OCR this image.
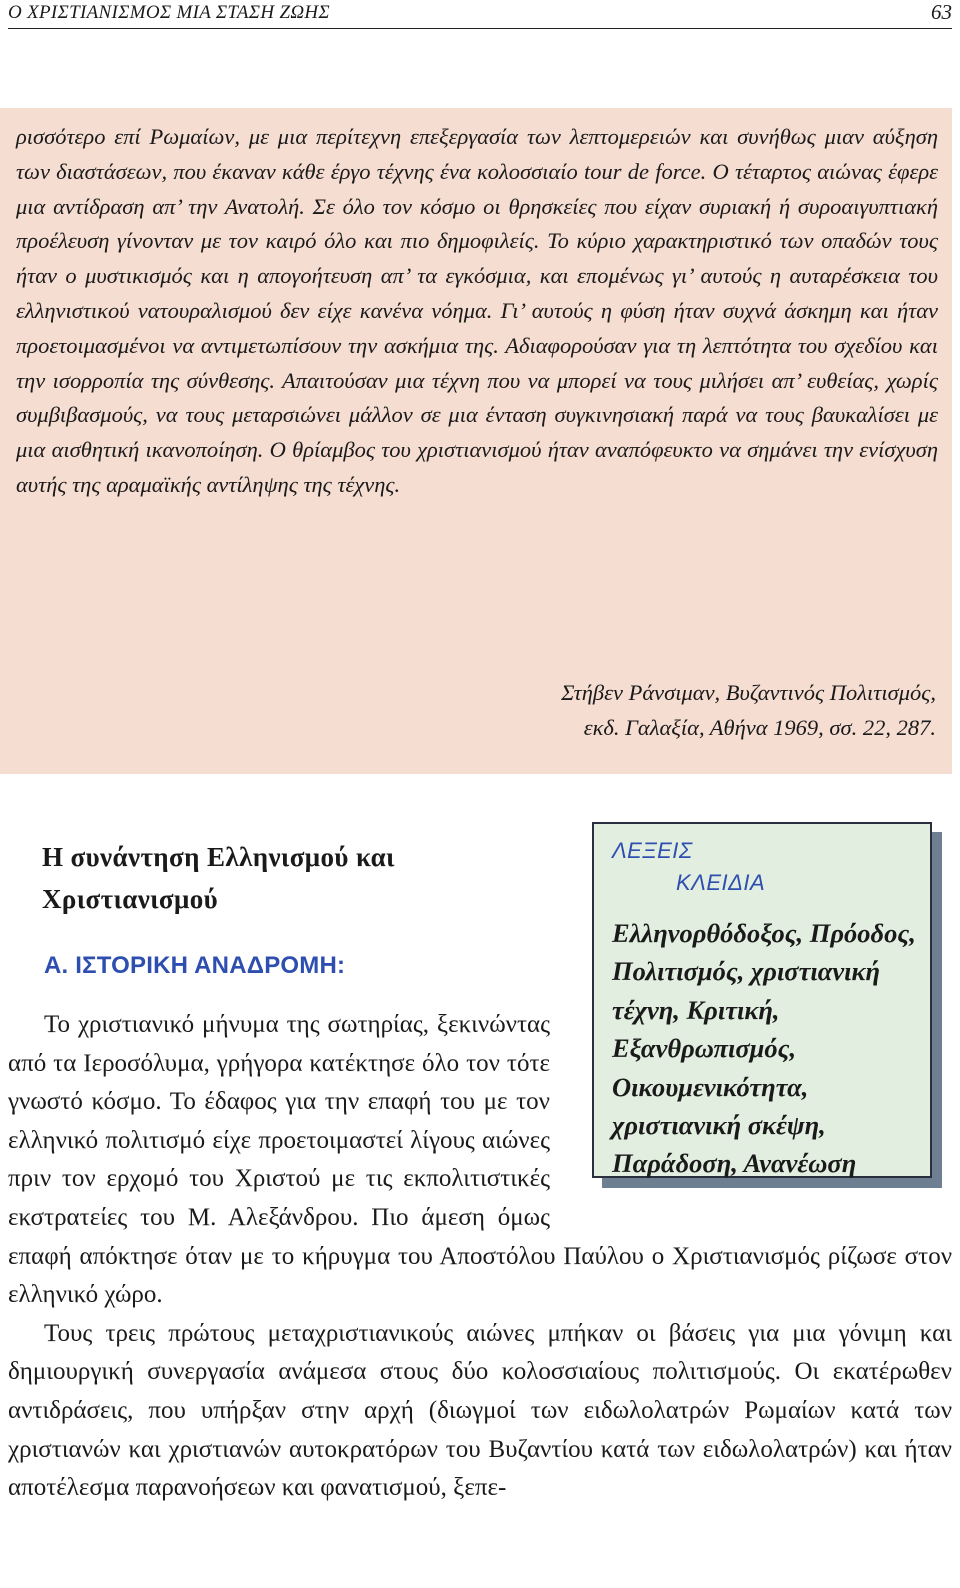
Ο ΧΡΙΣΤΙΑΝΙΣΜΟΣ ΜΙΑ ΣΤΑΣΗ ΖΩΗΣ	63

ρισσότερο επί Ρωμαίων, με μια περίτεχνη επεξεργασία των λεπτομερειών και συνήθως μιαν αύξηση των διαστάσεων, που έκαναν κάθε έργο τέχνης ένα κολοσσιαίο tour de force. Ο τέταρτος αιώνας έφερε μια αντίδραση απ’ την Ανατολή. Σε όλο τον κόσμο οι θρησκείες που είχαν συριακή ή συροαιγυπτιακή προέλευση γίνονταν με τον καιρό όλο και πιο δημοφιλείς. Το κύριο χαρακτηριστικό των οπαδών τους ήταν ο μυστικισμός και η απογοήτευση απ’ τα εγκόσμια, και επομένως γι’ αυτούς η αυταρέσκεια του ελληνιστικού νατουραλισμού δεν είχε κανένα νόημα. Γι’ αυτούς η φύση ήταν συχνά άσκημη και ήταν προετοιμασμένοι να αντιμετωπίσουν την ασκήμια της. Αδιαφορούσαν για τη λεπτότητα του σχεδίου και την ισορροπία της σύνθεσης. Απαιτούσαν μια τέχνη που να μπορεί να τους μιλήσει απ’ ευθείας, χωρίς συμβιβασμούς, να τους μεταρσιώνει μάλλον σε μια ένταση συγκινησιακή παρά να τους βαυκαλίσει με μια αισθητική ικανοποίηση. Ο θρίαμβος του χριστιανισμού ήταν αναπόφευκτο να σημάνει την ενίσχυση αυτής της αραμαϊκής αντίληψης της τέχνης.

Στήβεν Ράνσιμαν, Βυζαντινός Πολιτισμός,
εκδ. Γαλαξία, Αθήνα 1969, σσ. 22, 287.

Η συνάντηση Ελληνισμού και Χριστιανισμού
Α. ΙΣΤΟΡΙΚΗ ΑΝΑΔΡΟΜΗ:

Το χριστιανικό μήνυμα της σωτηρίας, ξεκινώντας από τα Ιεροσόλυμα, γρήγορα κατέκτησε όλο τον τότε γνωστό κόσμο. Το έδαφος για την επαφή του με τον ελληνικό πολιτισμό είχε προετοιμαστεί λίγους αιώνες πριν τον ερχομό του Χριστού με τις εκπολιτιστικές εκστρατείες του Μ. Αλεξάνδρου. Πιο άμεση όμως επαφή απόκτησε όταν με το κήρυγμα του Αποστόλου Παύλου ο Χριστιανισμός ρίζωσε στον ελληνικό χώρο.

Τους τρεις πρώτους μεταχριστιανικούς αιώνες μπήκαν οι βάσεις για μια γόνιμη και δημιουργική συνεργασία ανάμεσα στους δύο κολοσσιαίους πολιτισμούς. Οι εκατέρωθεν αντιδράσεις, που υπήρξαν στην αρχή (διωγμοί των ειδωλολατρών Ρωμαίων κατά των χριστιανών και χριστιανών αυτοκρατόρων του Βυζαντίου κατά των ειδωλολατρών) και ήταν αποτέλεσμα παρανοήσεων και φανατισμού, ξεπε-

ΛΕΞΕΙΣ
ΚΛΕΙΔΙΑ
Ελληνορθόδοξος, Πρόοδος, Πολιτισμός, χριστιανική τέχνη, Κριτική, Εξανθρωπισμός, Οικουμενικότητα, χριστιανική σκέψη, Παράδοση, Ανανέωση
